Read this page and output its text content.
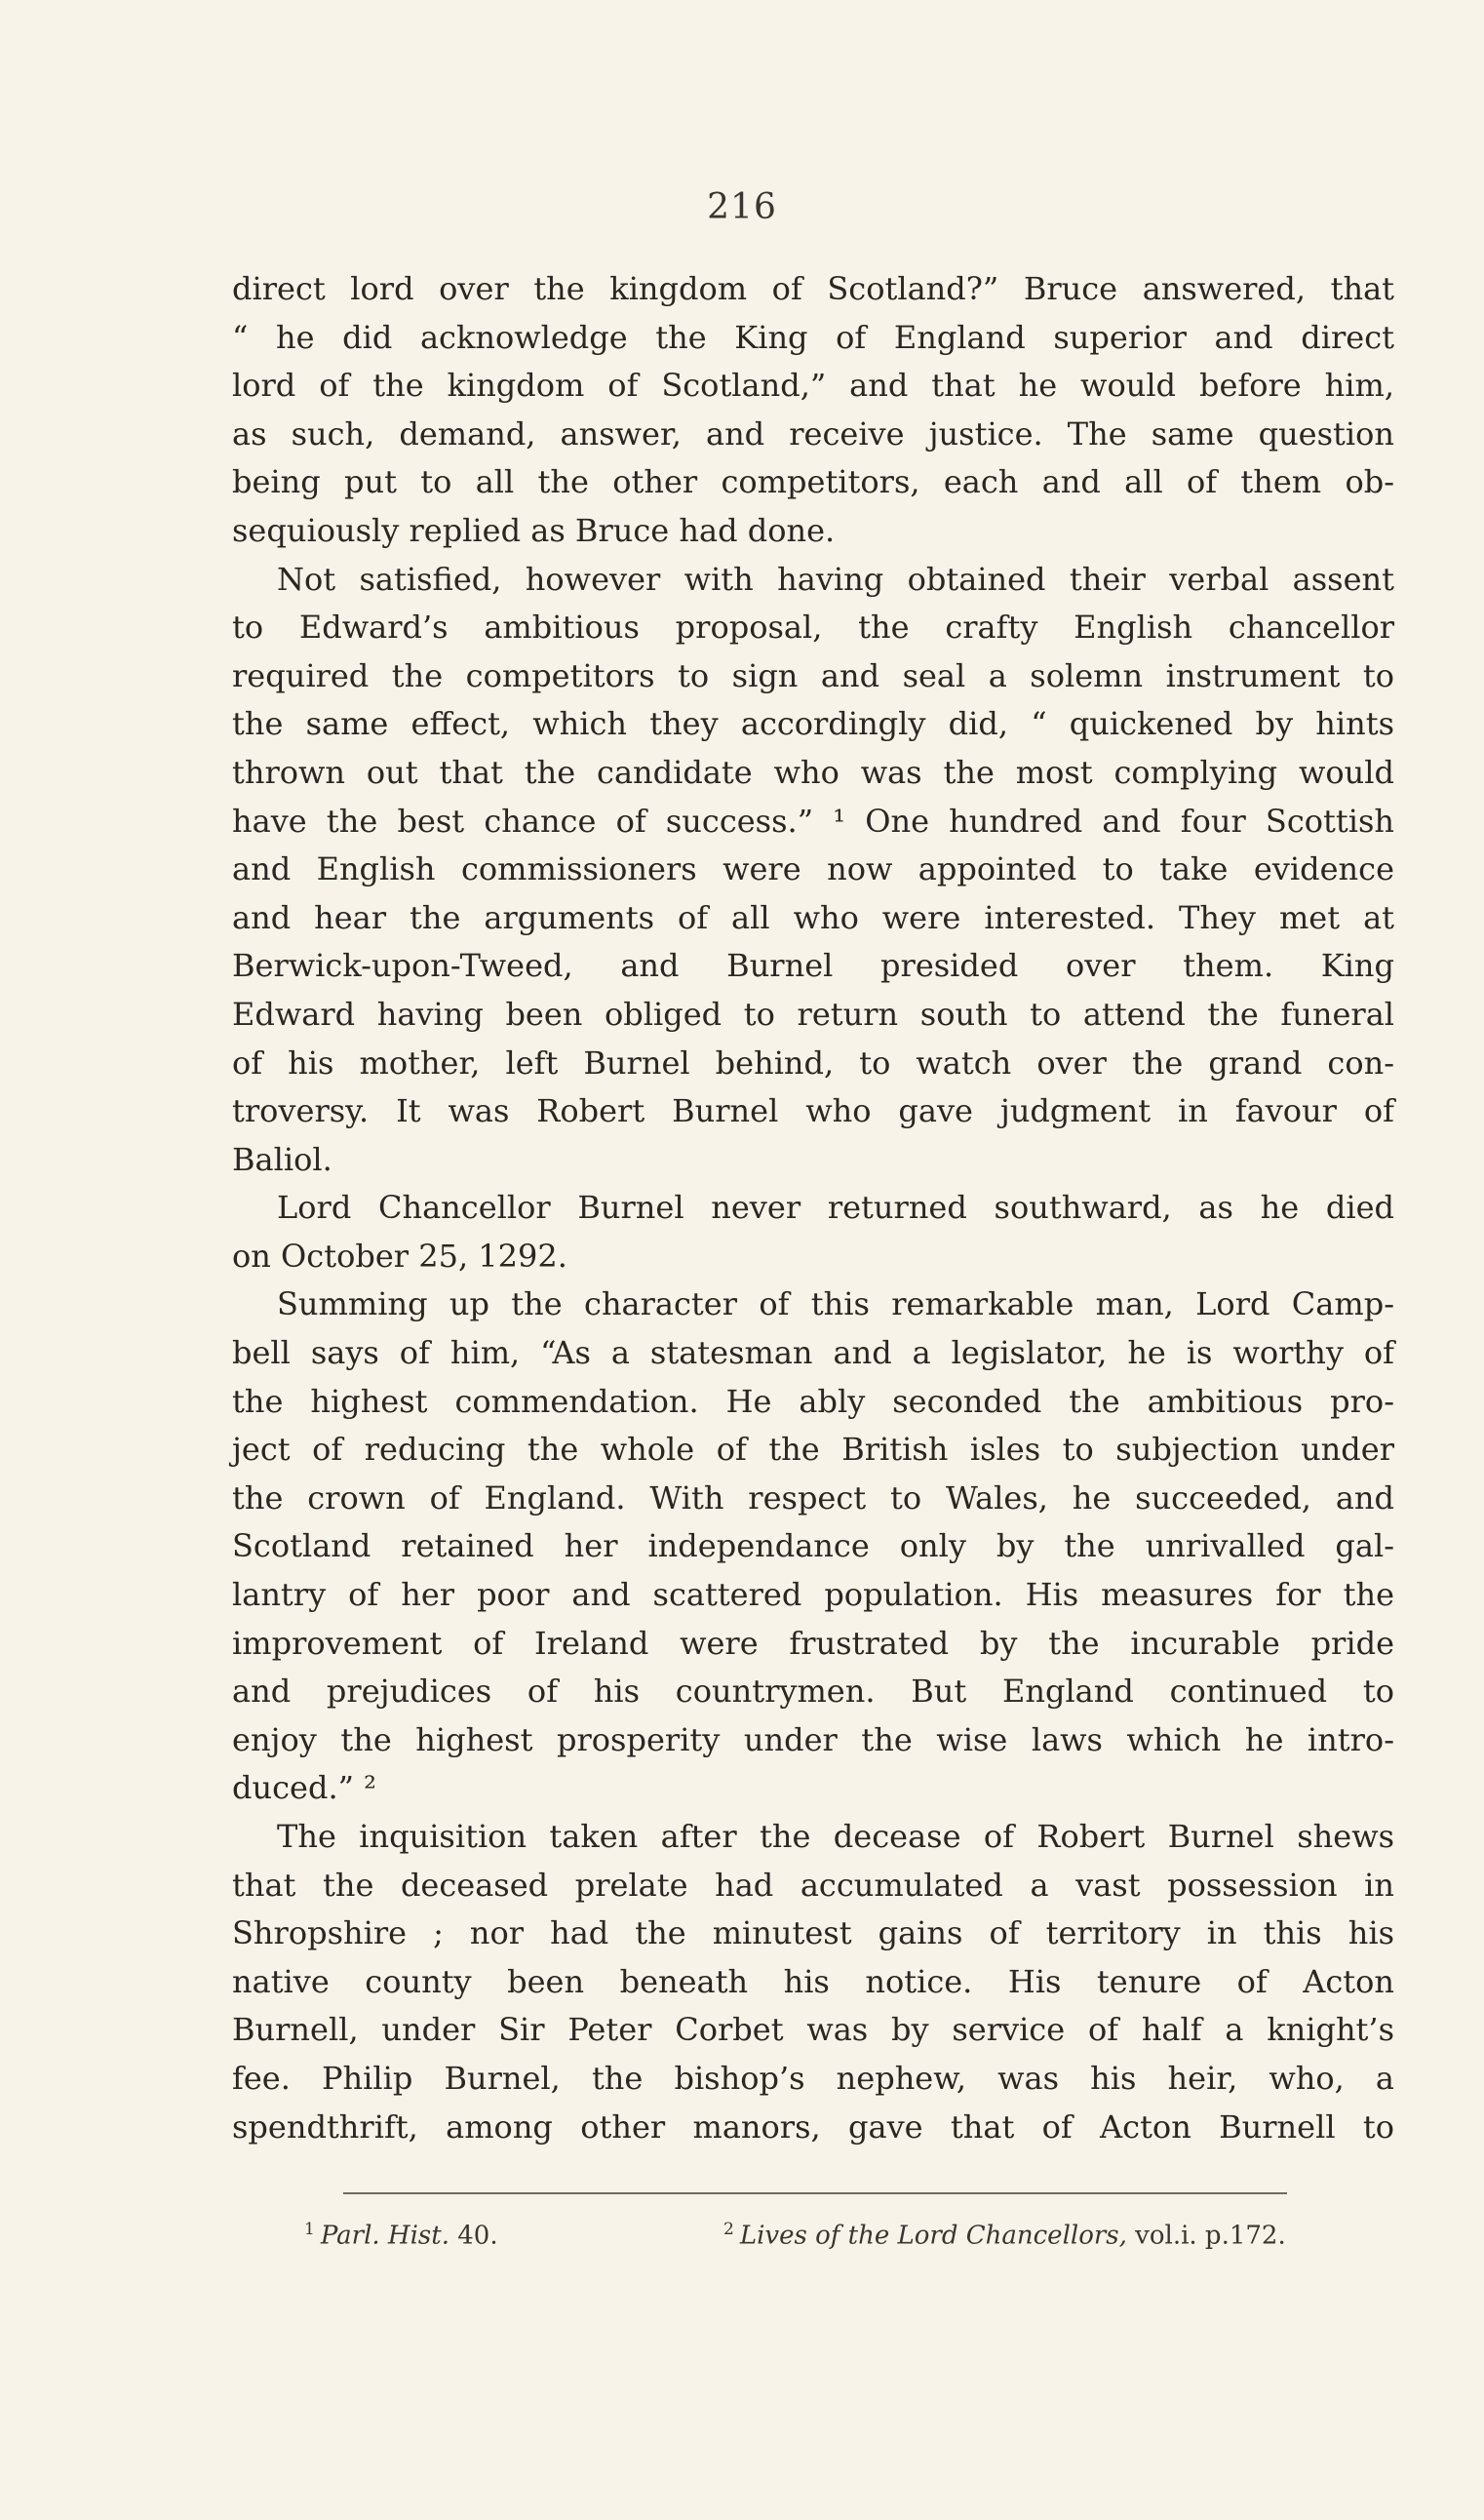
216
direct lord over the kingdom of Scotland?” Bruce answered, that
“ he did acknowledge the King of England superior and direct
lord of the kingdom of Scotland,” and that he would before him,
as such, demand, answer, and receive justice. The same question
being put to all the other competitors, each and all of them ob-
sequiously replied as Bruce had done.
Not satisfied, however with having obtained their verbal assent
to Edward’s ambitious proposal, the crafty English chancellor
required the competitors to sign and seal a solemn instrument to
the same effect, which they accordingly did, “ quickened by hints
thrown out that the candidate who was the most complying would
have the best chance of success.” ¹ One hundred and four Scottish
and English commissioners were now appointed to take evidence
and hear the arguments of all who were interested. They met at
Berwick-upon-Tweed, and Burnel presided over them. King
Edward having been obliged to return south to attend the funeral
of his mother, left Burnel behind, to watch over the grand con-
troversy. It was Robert Burnel who gave judgment in favour of
Baliol.
Lord Chancellor Burnel never returned southward, as he died
on October 25, 1292.
Summing up the character of this remarkable man, Lord Camp-
bell says of him, “As a statesman and a legislator, he is worthy of
the highest commendation. He ably seconded the ambitious pro-
ject of reducing the whole of the British isles to subjection under
the crown of England. With respect to Wales, he succeeded, and
Scotland retained her independance only by the unrivalled gal-
lantry of her poor and scattered population. His measures for the
improvement of Ireland were frustrated by the incurable pride
and prejudices of his countrymen. But England continued to
enjoy the highest prosperity under the wise laws which he intro-
duced.” ²
The inquisition taken after the decease of Robert Burnel shews
that the deceased prelate had accumulated a vast possession in
Shropshire ; nor had the minutest gains of territory in this his
native county been beneath his notice. His tenure of Acton
Burnell, under Sir Peter Corbet was by service of half a knight’s
fee. Philip Burnel, the bishop’s nephew, was his heir, who, a
spendthrift, among other manors, gave that of Acton Burnell to
$^1$ Parl. Hist. 40.	$^2$ Lives of the Lord Chancellors, vol.i. p.172.
